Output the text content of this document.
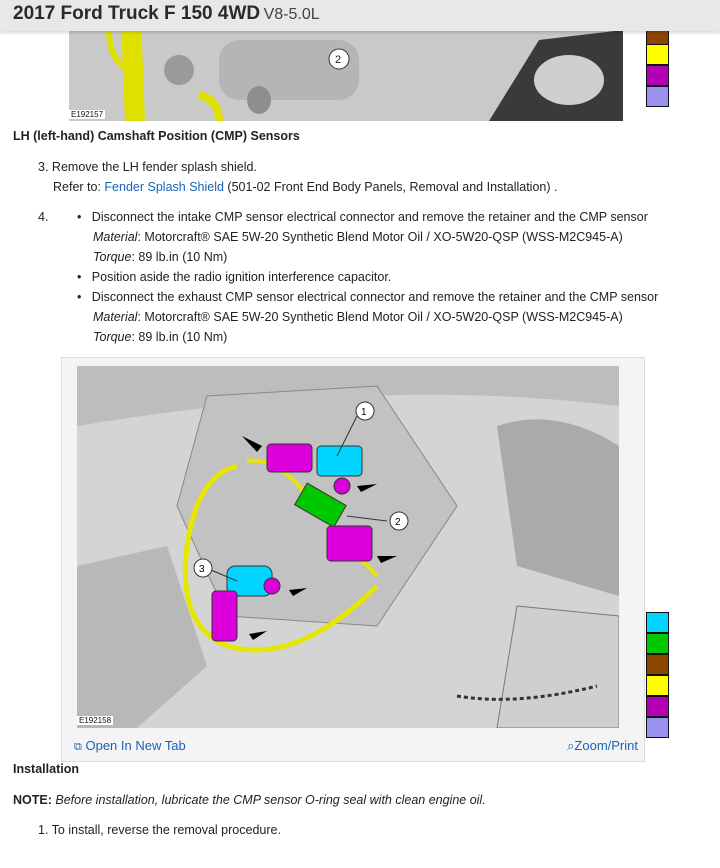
2017 Ford Truck F 150 4WD V8-5.0L
2
E192157
LH (left-hand) Camshaft Position (CMP) Sensors
3. Remove the LH fender splash shield.
Refer to: Fender Splash Shield (501-02 Front End Body Panels, Removal and Installation) .
4. •   Disconnect the intake CMP sensor electrical connector and remove the retainer and the CMP sensor
Material: Motorcraft® SAE 5W-20 Synthetic Blend Motor Oil / XO-5W20-QSP (WSS-M2C945-A)
Torque: 89 lb.in (10 Nm)
•   Position aside the radio ignition interference capacitor.
•   Disconnect the exhaust CMP sensor electrical connector and remove the retainer and the CMP sensor
Material: Motorcraft® SAE 5W-20 Synthetic Blend Motor Oil / XO-5W20-QSP (WSS-M2C945-A)
Torque: 89 lb.in (10 Nm)
1
2
3
E192158
⧉ Open In New Tab	⌕Zoom/Print
Installation
NOTE: Before installation, lubricate the CMP sensor O-ring seal with clean engine oil.
1. To install, reverse the removal procedure.
